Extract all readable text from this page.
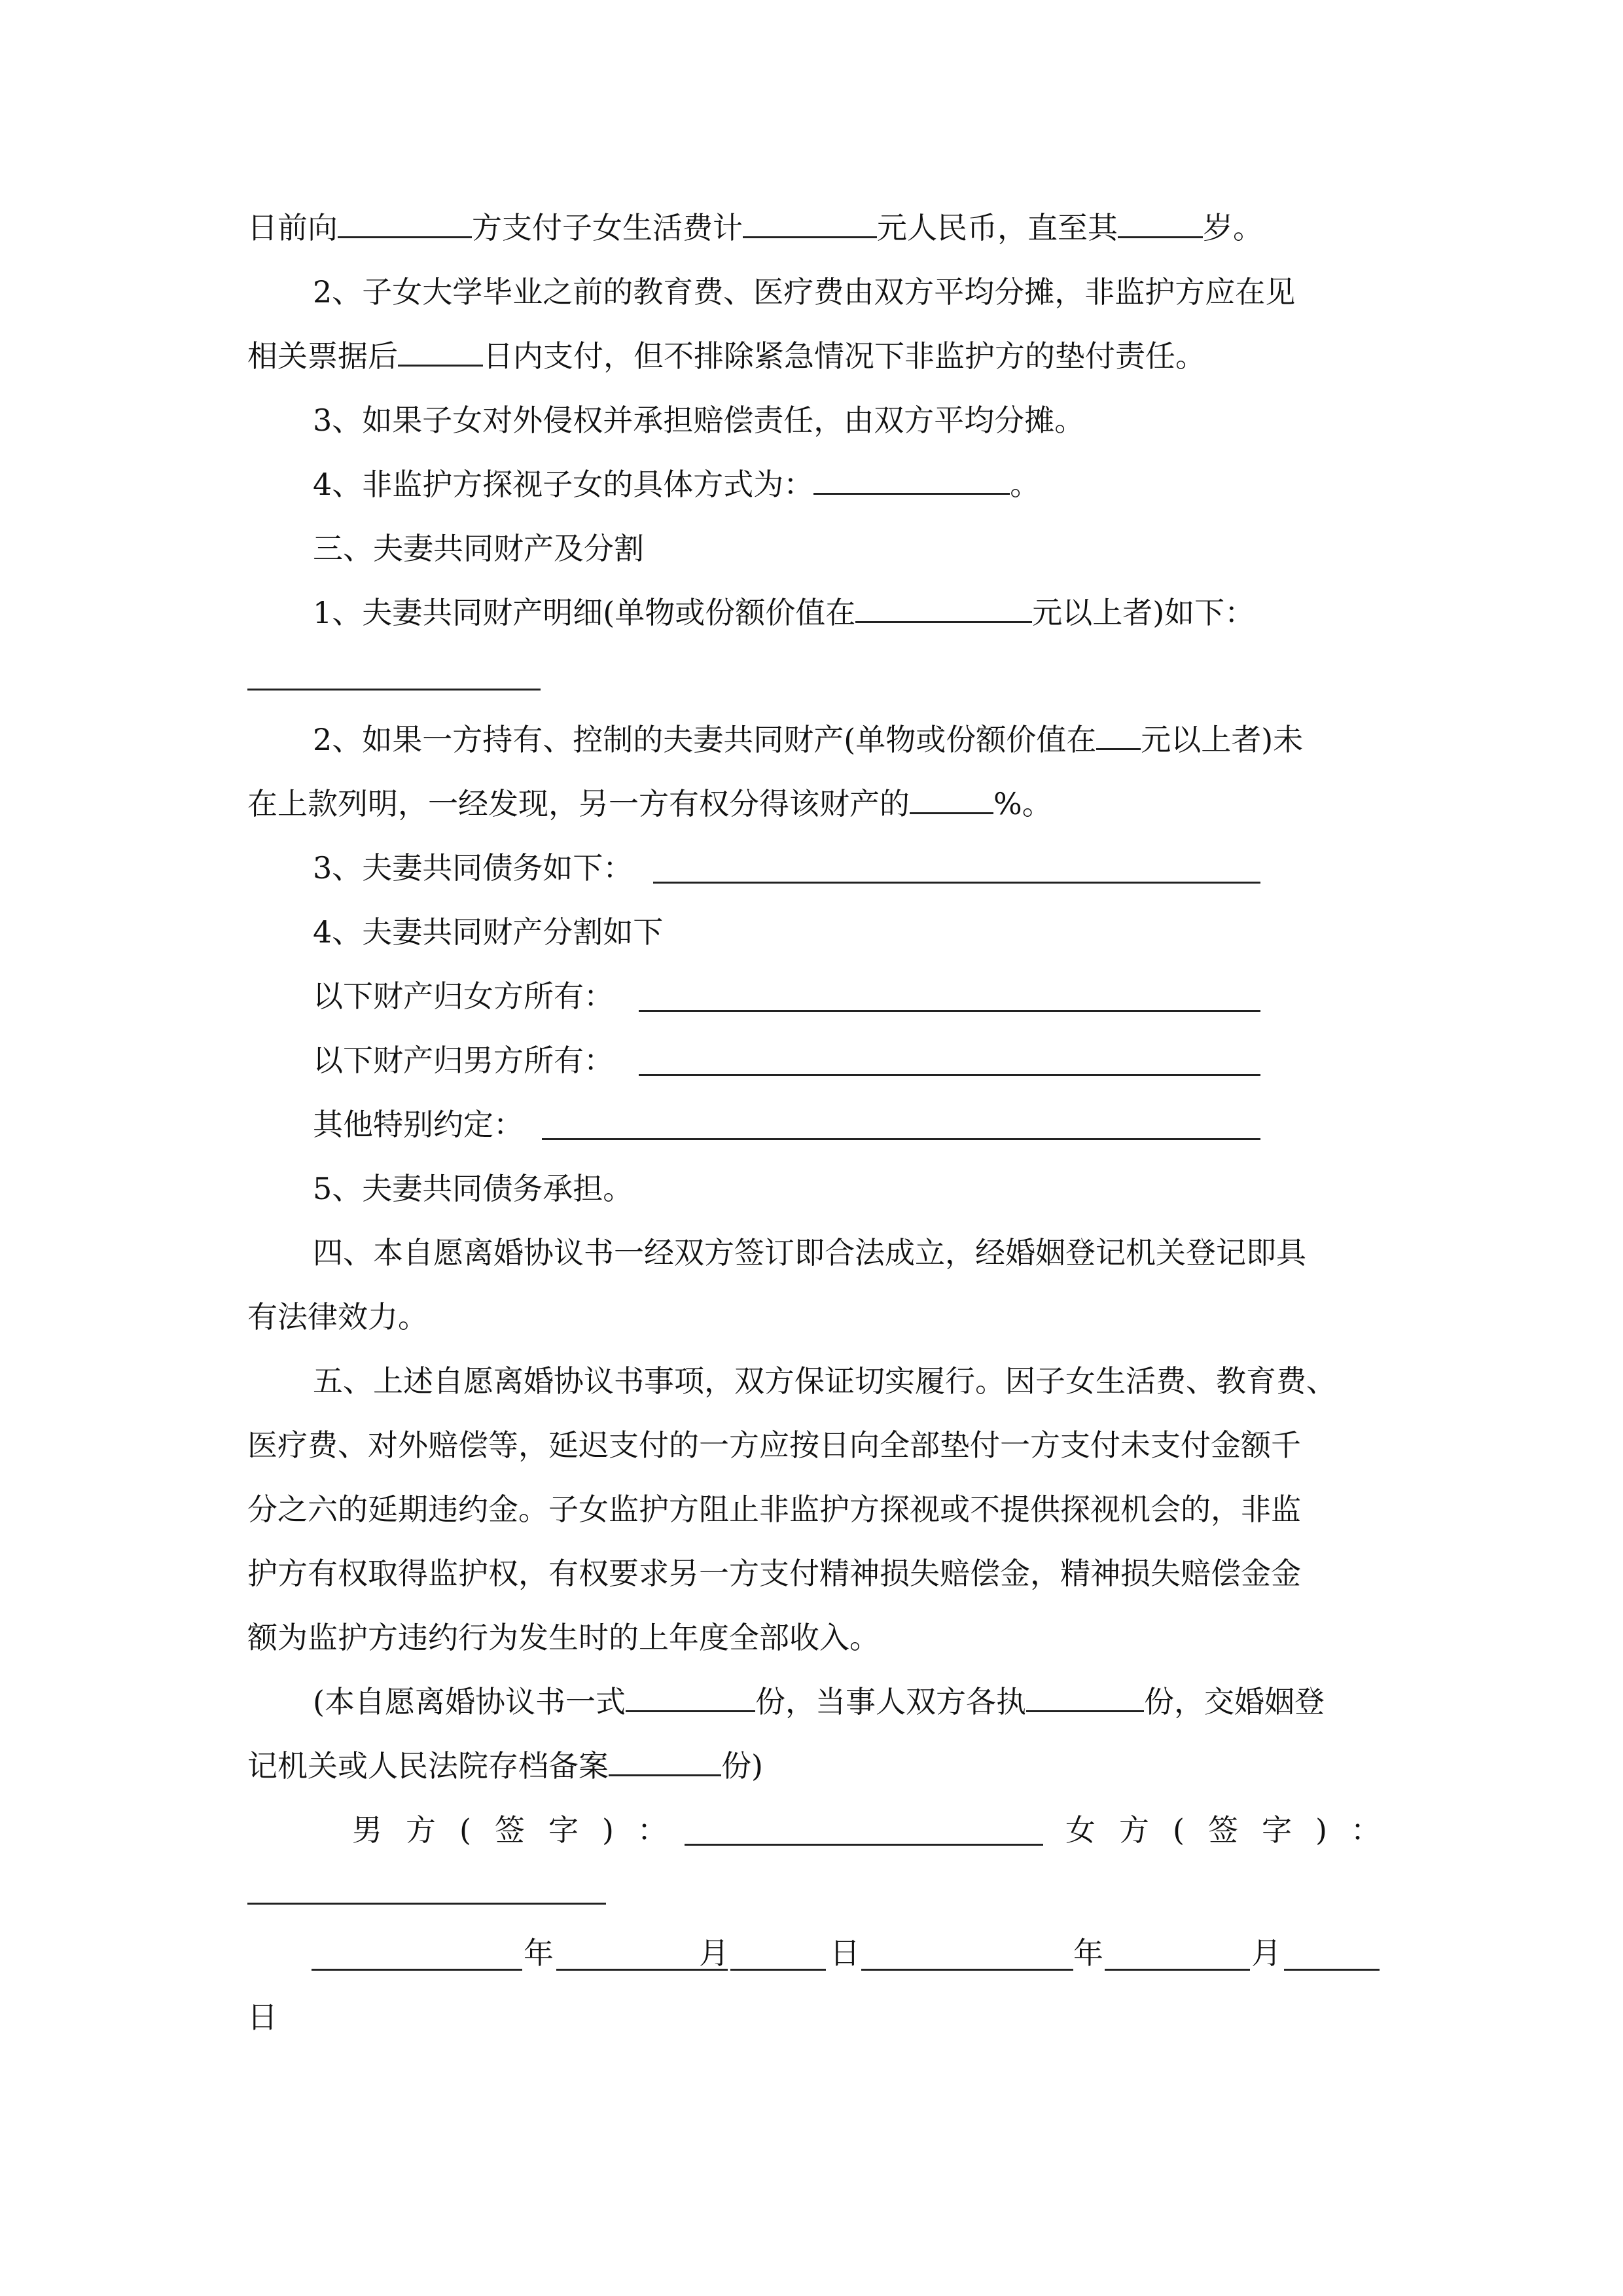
日前向	方支付子女生活费计	元人民币，直至其	岁。
2、子女大学毕业之前的教育费、医疗费由双方平均分摊，非监护方应在见
相关票据后	日内支付，但不排除紧急情况下非监护方的垫付责任。
3、如果子女对外侵权并承担赔偿责任，由双方平均分摊。
4、非监护方探视子女的具体方式为：	。
三、夫妻共同财产及分割
1、夫妻共同财产明细(单物或份额价值在	元以上者)如下：
2、如果一方持有、控制的夫妻共同财产(单物或份额价值在 元以上者)未
在上款列明，一经发现，另一方有权分得该财产的	%。
3、夫妻共同债务如下：
4、夫妻共同财产分割如下
以下财产归女方所有：
以下财产归男方所有：
其他特别约定：
5、夫妻共同债务承担。
四、本自愿离婚协议书一经双方签订即合法成立，经婚姻登记机关登记即具
有法律效力。
五、上述自愿离婚协议书事项，双方保证切实履行。因子女生活费、教育费、
医疗费、对外赔偿等，延迟支付的一方应按日向全部垫付一方支付未支付金额千
分之六的延期违约金。子女监护方阻止非监护方探视或不提供探视机会的，非监
护方有权取得监护权，有权要求另一方支付精神损失赔偿金，精神损失赔偿金金
额为监护方违约行为发生时的上年度全部收入。
(本自愿离婚协议书一式	份，当事人双方各执	份，交婚姻登
记机关或人民法院存档备案	份)
男方(签字)：	女方(签字)：
年	月	日	年	月
日
